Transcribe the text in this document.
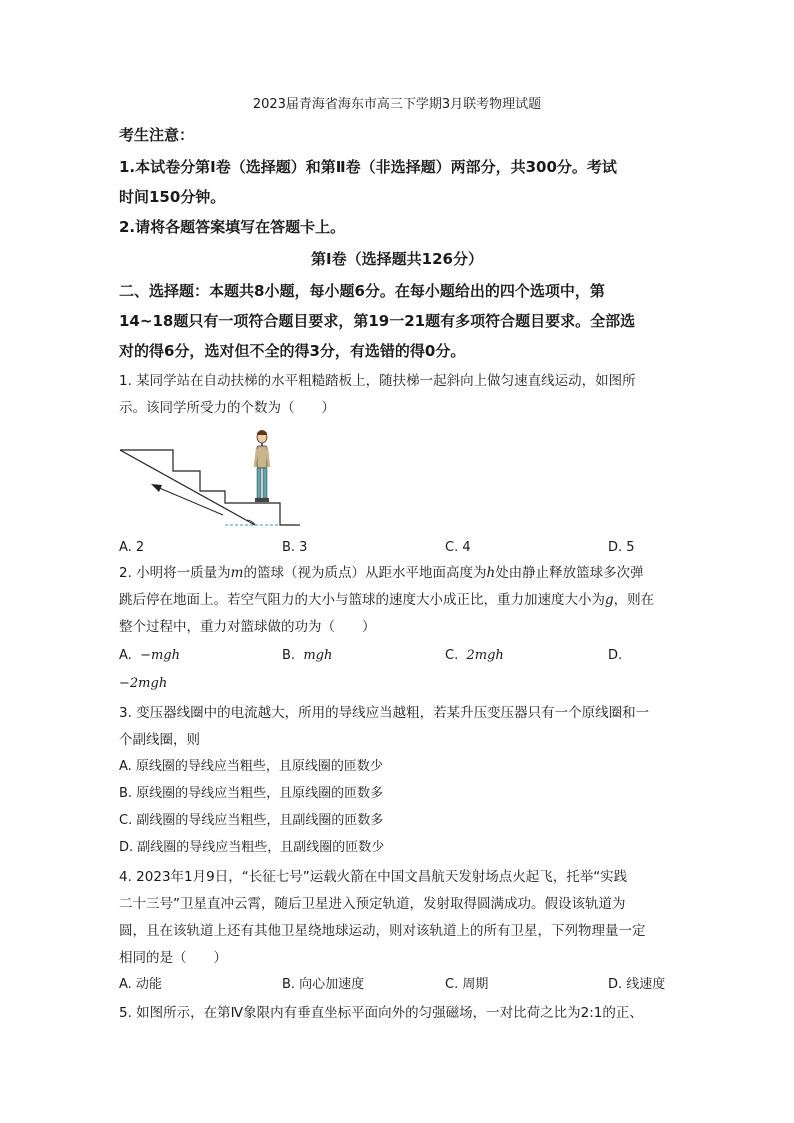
2023届青海省海东市高三下学期3月联考物理试题
考生注意：
1.本试卷分第Ⅰ卷（选择题）和第Ⅱ卷（非选择题）两部分，共300分。考试
时间150分钟。
2.请将各题答案填写在答题卡上。
第Ⅰ卷（选择题共126分）
二、选择题：本题共8小题，每小题6分。在每小题给出的四个选项中，第
14~18题只有一项符合题目要求，第19一21题有多项符合题目要求。全部选
对的得6分，选对但不全的得3分，有选错的得0分。
1. 某同学站在自动扶梯的水平粗糙踏板上，随扶梯一起斜向上做匀速直线运动，如图所
示。该同学所受力的个数为（　　）
A. 2	B. 3	C. 4	D. 5
2. 小明将一质量为m的篮球（视为质点）从距水平地面高度为h处由静止释放篮球多次弹
跳后停在地面上。若空气阻力的大小与篮球的速度大小成正比，重力加速度大小为g，则在
整个过程中，重力对篮球做的功为（　　）
A. −mgh	B. mgh	C. 2mgh	D.
−2mgh
3. 变压器线圈中的电流越大，所用的导线应当越粗，若某升压变压器只有一个原线圈和一
个副线圈，则
A. 原线圈的导线应当粗些，且原线圈的匝数少
B. 原线圈的导线应当粗些，且原线圈的匝数多
C. 副线圈的导线应当粗些，且副线圈的匝数多
D. 副线圈的导线应当粗些，且副线圈的匝数少
4. 2023年1月9日，“长征七号”运载火箭在中国文昌航天发射场点火起飞，托举“实践
二十三号”卫星直冲云霄，随后卫星进入预定轨道，发射取得圆满成功。假设该轨道为
圆，且在该轨道上还有其他卫星绕地球运动，则对该轨道上的所有卫星，下列物理量一定
相同的是（　　）
A. 动能	B. 向心加速度	C. 周期	D. 线速度
5. 如图所示，在第Ⅳ象限内有垂直坐标平面向外的匀强磁场，一对比荷之比为2:1的正、
